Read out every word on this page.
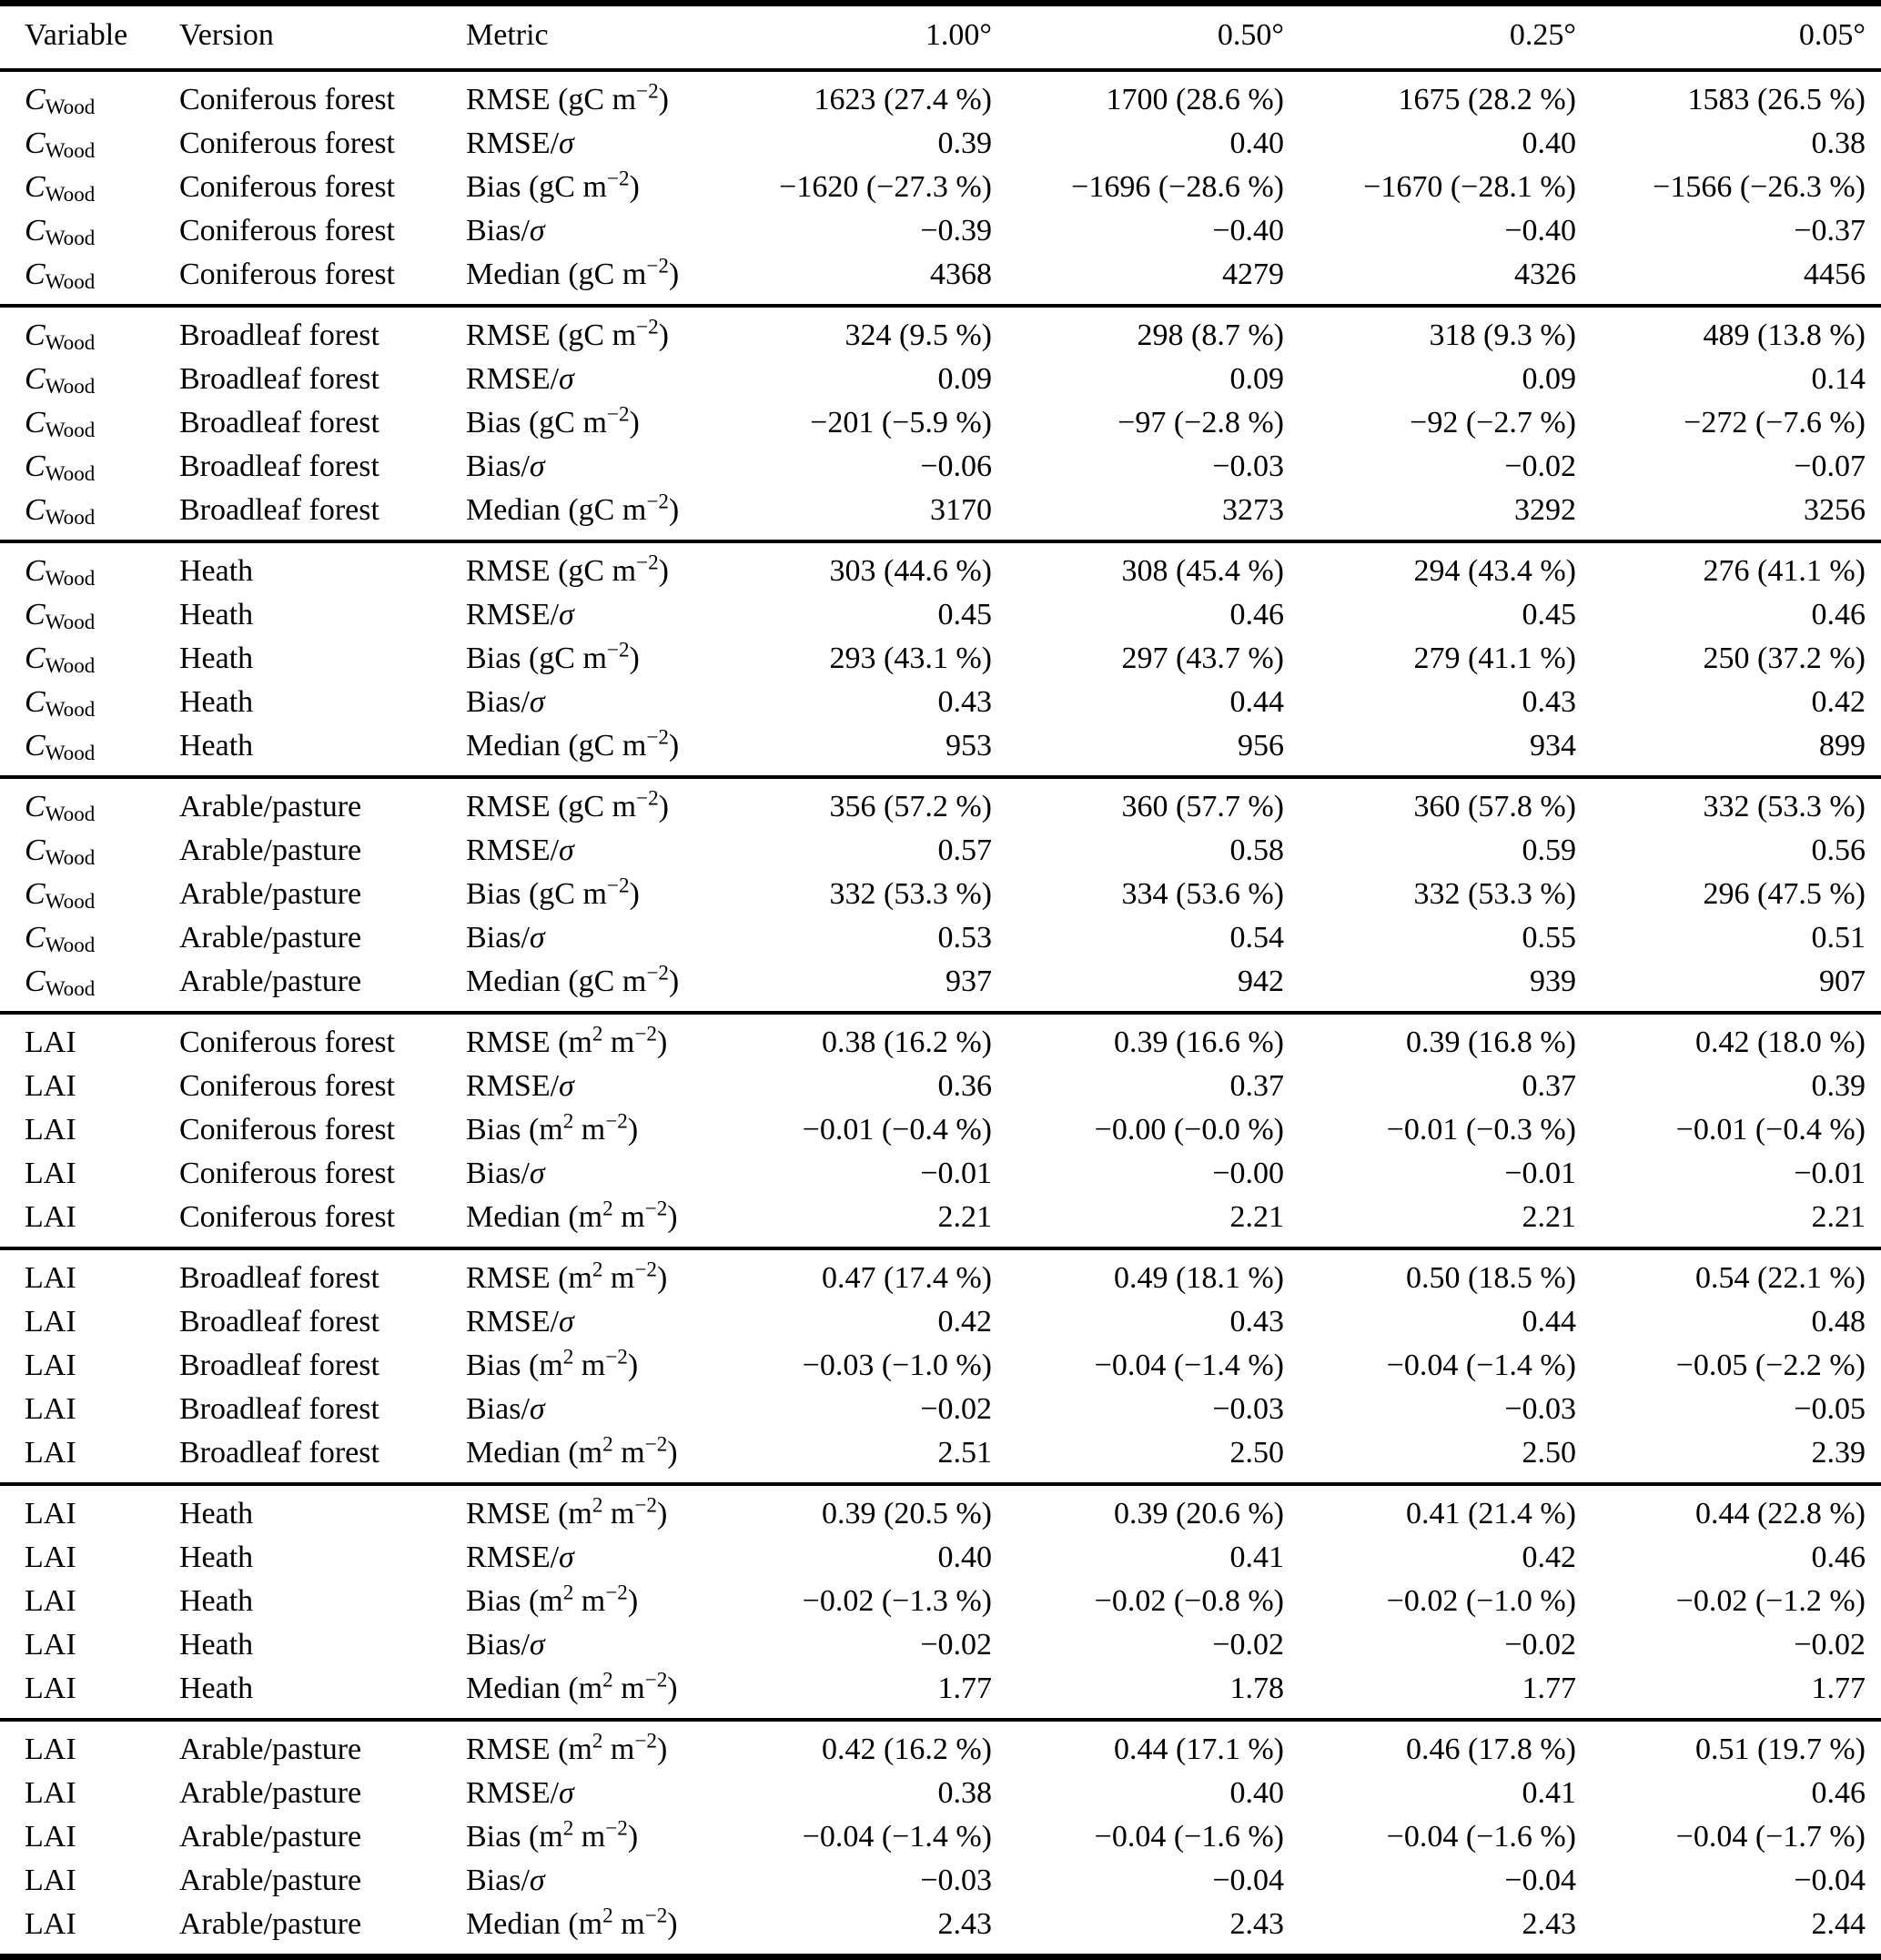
Variable	Version	Metric	1.00°	0.50°	0.25°	0.05°
$C_{Wood}$	Coniferous forest	RMSE (gC $m^{-2}$)	1623 (27.4 %)	1700 (28.6 %)	1675 (28.2 %)	1583 (26.5 %)
$C_{Wood}$	Coniferous forest	RMSE/σ	0.39	0.40	0.40	0.38
$C_{Wood}$	Coniferous forest	Bias (gC $m^{-2}$)	−1620 (−27.3 %)	−1696 (−28.6 %)	−1670 (−28.1 %)	−1566 (−26.3 %)
$C_{Wood}$	Coniferous forest	Bias/σ	−0.39	−0.40	−0.40	−0.37
$C_{Wood}$	Coniferous forest	Median (gC $m^{-2}$)	4368	4279	4326	4456
$C_{Wood}$	Broadleaf forest	RMSE (gC $m^{-2}$)	324 (9.5 %)	298 (8.7 %)	318 (9.3 %)	489 (13.8 %)
$C_{Wood}$	Broadleaf forest	RMSE/σ	0.09	0.09	0.09	0.14
$C_{Wood}$	Broadleaf forest	Bias (gC $m^{-2}$)	−201 (−5.9 %)	−97 (−2.8 %)	−92 (−2.7 %)	−272 (−7.6 %)
$C_{Wood}$	Broadleaf forest	Bias/σ	−0.06	−0.03	−0.02	−0.07
$C_{Wood}$	Broadleaf forest	Median (gC $m^{-2}$)	3170	3273	3292	3256
$C_{Wood}$	Heath	RMSE (gC $m^{-2}$)	303 (44.6 %)	308 (45.4 %)	294 (43.4 %)	276 (41.1 %)
$C_{Wood}$	Heath	RMSE/σ	0.45	0.46	0.45	0.46
$C_{Wood}$	Heath	Bias (gC $m^{-2}$)	293 (43.1 %)	297 (43.7 %)	279 (41.1 %)	250 (37.2 %)
$C_{Wood}$	Heath	Bias/σ	0.43	0.44	0.43	0.42
$C_{Wood}$	Heath	Median (gC $m^{-2}$)	953	956	934	899
$C_{Wood}$	Arable/pasture	RMSE (gC $m^{-2}$)	356 (57.2 %)	360 (57.7 %)	360 (57.8 %)	332 (53.3 %)
$C_{Wood}$	Arable/pasture	RMSE/σ	0.57	0.58	0.59	0.56
$C_{Wood}$	Arable/pasture	Bias (gC $m^{-2}$)	332 (53.3 %)	334 (53.6 %)	332 (53.3 %)	296 (47.5 %)
$C_{Wood}$	Arable/pasture	Bias/σ	0.53	0.54	0.55	0.51
$C_{Wood}$	Arable/pasture	Median (gC $m^{-2}$)	937	942	939	907
LAI	Coniferous forest	RMSE ($m^2$ $m^{-2}$)	0.38 (16.2 %)	0.39 (16.6 %)	0.39 (16.8 %)	0.42 (18.0 %)
LAI	Coniferous forest	RMSE/σ	0.36	0.37	0.37	0.39
LAI	Coniferous forest	Bias ($m^2$ $m^{-2}$)	−0.01 (−0.4 %)	−0.00 (−0.0 %)	−0.01 (−0.3 %)	−0.01 (−0.4 %)
LAI	Coniferous forest	Bias/σ	−0.01	−0.00	−0.01	−0.01
LAI	Coniferous forest	Median ($m^2$ $m^{-2}$)	2.21	2.21	2.21	2.21
LAI	Broadleaf forest	RMSE ($m^2$ $m^{-2}$)	0.47 (17.4 %)	0.49 (18.1 %)	0.50 (18.5 %)	0.54 (22.1 %)
LAI	Broadleaf forest	RMSE/σ	0.42	0.43	0.44	0.48
LAI	Broadleaf forest	Bias ($m^2$ $m^{-2}$)	−0.03 (−1.0 %)	−0.04 (−1.4 %)	−0.04 (−1.4 %)	−0.05 (−2.2 %)
LAI	Broadleaf forest	Bias/σ	−0.02	−0.03	−0.03	−0.05
LAI	Broadleaf forest	Median ($m^2$ $m^{-2}$)	2.51	2.50	2.50	2.39
LAI	Heath	RMSE ($m^2$ $m^{-2}$)	0.39 (20.5 %)	0.39 (20.6 %)	0.41 (21.4 %)	0.44 (22.8 %)
LAI	Heath	RMSE/σ	0.40	0.41	0.42	0.46
LAI	Heath	Bias ($m^2$ $m^{-2}$)	−0.02 (−1.3 %)	−0.02 (−0.8 %)	−0.02 (−1.0 %)	−0.02 (−1.2 %)
LAI	Heath	Bias/σ	−0.02	−0.02	−0.02	−0.02
LAI	Heath	Median ($m^2$ $m^{-2}$)	1.77	1.78	1.77	1.77
LAI	Arable/pasture	RMSE ($m^2$ $m^{-2}$)	0.42 (16.2 %)	0.44 (17.1 %)	0.46 (17.8 %)	0.51 (19.7 %)
LAI	Arable/pasture	RMSE/σ	0.38	0.40	0.41	0.46
LAI	Arable/pasture	Bias ($m^2$ $m^{-2}$)	−0.04 (−1.4 %)	−0.04 (−1.6 %)	−0.04 (−1.6 %)	−0.04 (−1.7 %)
LAI	Arable/pasture	Bias/σ	−0.03	−0.04	−0.04	−0.04
LAI	Arable/pasture	Median ($m^2$ $m^{-2}$)	2.43	2.43	2.43	2.44
